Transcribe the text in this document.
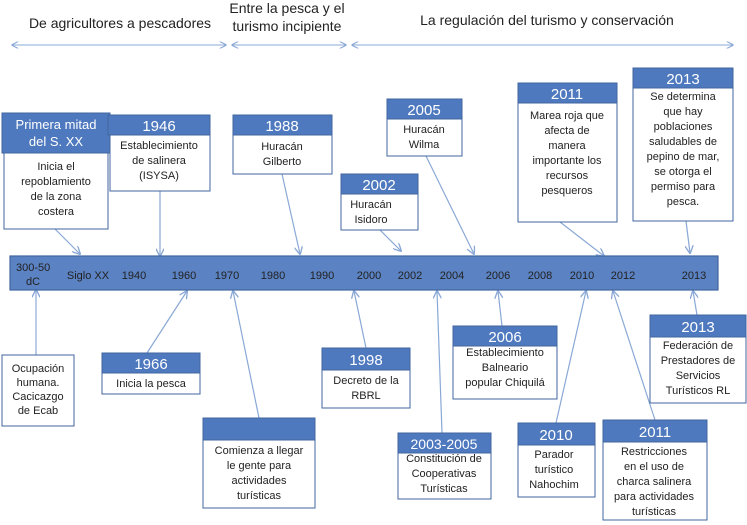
De agricultores a pescadores
Entre la pesca y el
turismo incipiente	La regulación del turismo y conservación
300-50
dC Siglo XX 1940 1960 1970 1980 1990 2000 2002 2004 2006 2008 2010 2012	2013
Primera mitad
del S. XX
Inicia el
repoblamiento
de la zona
costera
1946
Establecimiento
de salinera
(ISYSA)
1988
Huracán
Gilberto
2002
Huracán
Isidoro
2005
Huracán
Wilma
2011
Marea roja que
afecta de
manera
importante los
recursos
pesqueros
2013
Se determina
que hay
poblaciones
saludables de
pepino de mar,
se otorga el
permiso para
pesca.
Ocupación
humana.
Cacicazgo
de Ecab
1966
Inicia la pesca
Comienza a llegar
le gente para
actividades
turísticas
1998
Decreto de la
RBRL
2003-2005
Constitución de
Cooperativas
Turísticas
2006
Establecimiento
Balneario
popular Chiquilá
2010
Parador
turístico
Nahochim
2011
Restricciones
en el uso de
charca salinera
para actividades
turísticas
2013
Federación de
Prestadores de
Servicios
Turísticos RL
